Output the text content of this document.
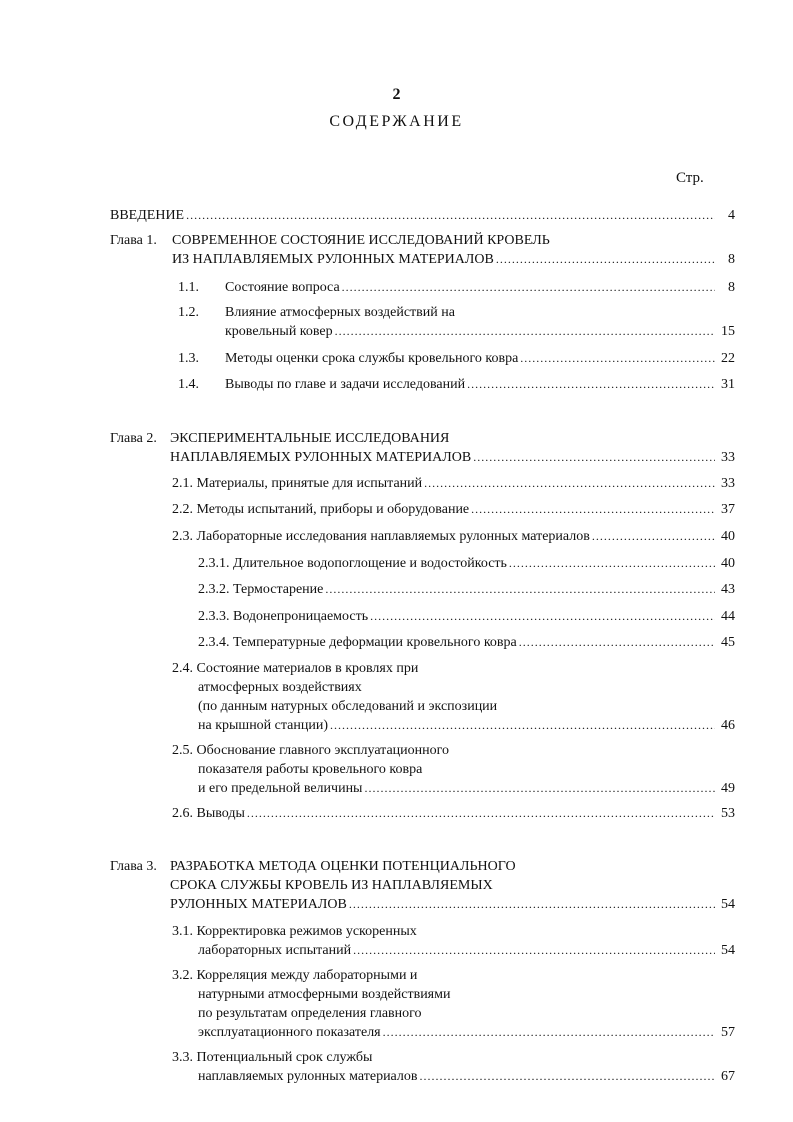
2
СОДЕРЖАНИЕ
Стр.
ВВЕДЕНИЕ .....	4
Глава 1. СОВРЕМЕННОЕ СОСТОЯНИЕ ИССЛЕДОВАНИЙ КРОВЕЛЬ
ИЗ НАПЛАВЛЯЕМЫХ РУЛОННЫХ МАТЕРИАЛОВ .....	8
1.1. Состояние вопроса .....	8
1.2. Влияние атмосферных воздействий на
кровельный ковер .....	15
1.3. Методы оценки срока службы кровельного ковра .....	22
1.4. Выводы по главе и задачи исследований .....	31
Глава 2. ЭКСПЕРИМЕНТАЛЬНЫЕ ИССЛЕДОВАНИЯ
НАПЛАВЛЯЕМЫХ РУЛОННЫХ МАТЕРИАЛОВ .....	33
2.1. Материалы, принятые для испытаний .....	33
2.2. Методы испытаний, приборы и оборудование .....	37
2.3. Лабораторные исследования наплавляемых рулонных материалов .....	40
2.3.1. Длительное водопоглощение и водостойкость .....	40
2.3.2. Термостарение .....	43
2.3.3. Водонепроницаемость .....	44
2.3.4. Температурные деформации кровельного ковра .....	45
2.4. Состояние материалов в кровлях при
атмосферных воздействиях
(по данным натурных обследований и экспозиции
на крышной станции) .....	46
2.5. Обоснование главного эксплуатационного
показателя работы кровельного ковра
и его предельной величины .....	49
2.6. Выводы .....	53
Глава 3. РАЗРАБОТКА МЕТОДА ОЦЕНКИ ПОТЕНЦИАЛЬНОГО
СРОКА СЛУЖБЫ КРОВЕЛЬ ИЗ НАПЛАВЛЯЕМЫХ
РУЛОННЫХ МАТЕРИАЛОВ .....	54
3.1. Корректировка режимов ускоренных
лабораторных испытаний .....	54
3.2. Корреляция между лабораторными и
натурными атмосферными воздействиями
по результатам определения главного
эксплуатационного показателя .....	57
3.3. Потенциальный срок службы
наплавляемых рулонных материалов .....	67
